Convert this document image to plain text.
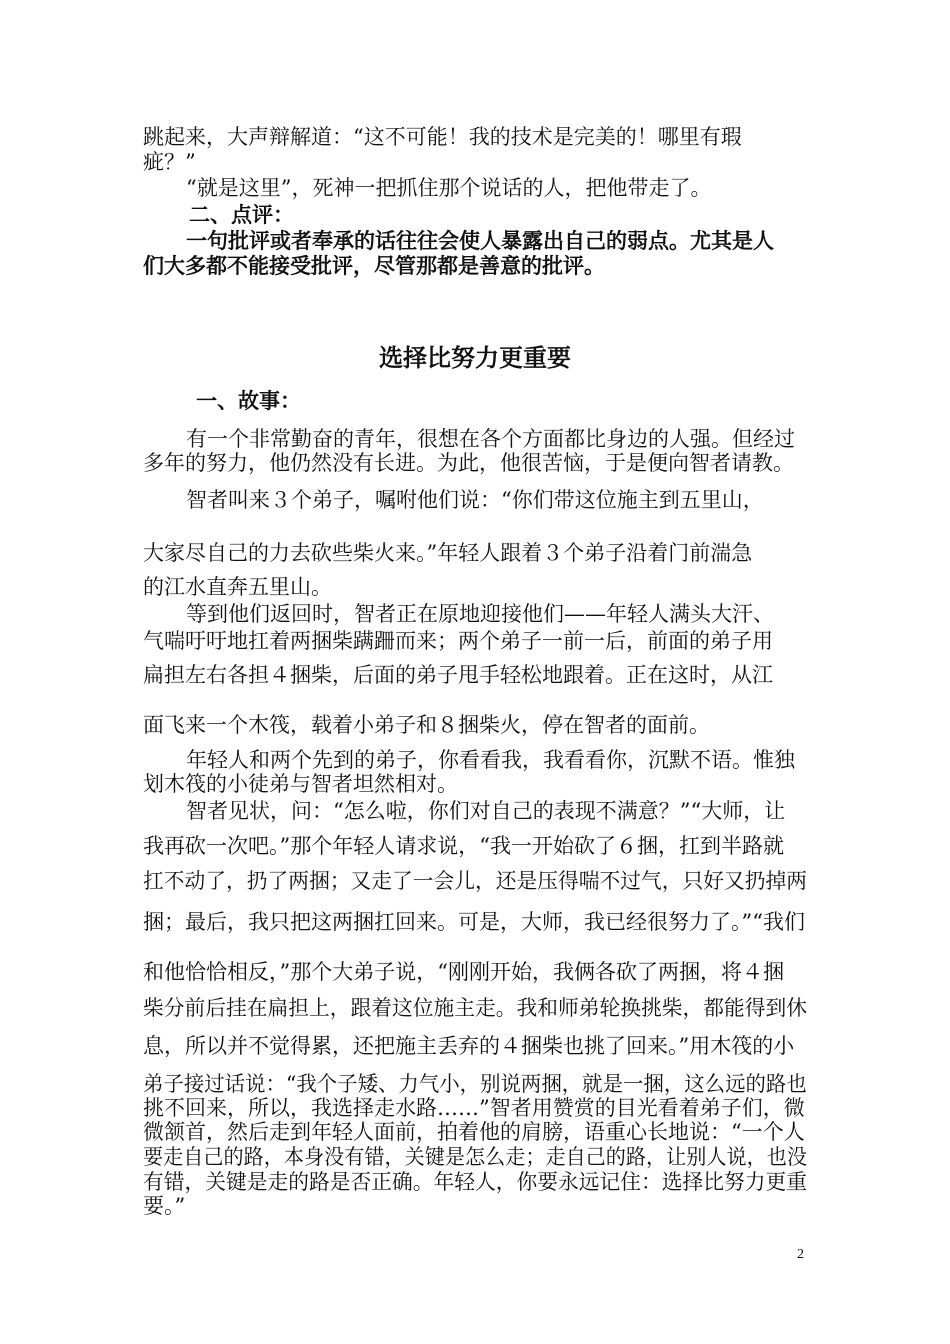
跳起来，大声辩解道：“这不可能！我的技术是完美的！哪里有瑕
疵？”
“就是这里”，死神一把抓住那个说话的人，把他带走了。
二、点评：
一句批评或者奉承的话往往会使人暴露出自己的弱点。尤其是人
们大多都不能接受批评，尽管那都是善意的批评。
选择比努力更重要
一、故事：
有一个非常勤奋的青年，很想在各个方面都比身边的人强。但经过
多年的努力，他仍然没有长进。为此，他很苦恼，于是便向智者请教。
智者叫来３个弟子，嘱咐他们说：“你们带这位施主到五里山，
大家尽自己的力去砍些柴火来。”年轻人跟着３个弟子沿着门前湍急
的江水直奔五里山。
等到他们返回时，智者正在原地迎接他们——年轻人满头大汗、
气喘吁吁地扛着两捆柴蹒跚而来；两个弟子一前一后，前面的弟子用
扁担左右各担４捆柴，后面的弟子甩手轻松地跟着。正在这时，从江
面飞来一个木筏，载着小弟子和８捆柴火，停在智者的面前。
年轻人和两个先到的弟子，你看看我，我看看你，沉默不语。惟独
划木筏的小徒弟与智者坦然相对。
智者见状，问：“怎么啦，你们对自己的表现不满意？”“大师，让
我再砍一次吧。”那个年轻人请求说，“我一开始砍了６捆，扛到半路就
扛不动了，扔了两捆；又走了一会儿，还是压得喘不过气，只好又扔掉两
捆；最后，我只把这两捆扛回来。可是，大师，我已经很努力了。”“我们
和他恰恰相反，”那个大弟子说，“刚刚开始，我俩各砍了两捆，将４捆
柴分前后挂在扁担上，跟着这位施主走。我和师弟轮换挑柴，都能得到休
息，所以并不觉得累，还把施主丢弃的４捆柴也挑了回来。”用木筏的小
弟子接过话说：“我个子矮、力气小，别说两捆，就是一捆，这么远的路也
挑不回来，所以，我选择走水路……”智者用赞赏的目光看着弟子们，微
微颔首，然后走到年轻人面前，拍着他的肩膀，语重心长地说：“一个人
要走自己的路，本身没有错，关键是怎么走；走自己的路，让别人说，也没
有错，关键是走的路是否正确。年轻人，你要永远记住：选择比努力更重
要。”
2
